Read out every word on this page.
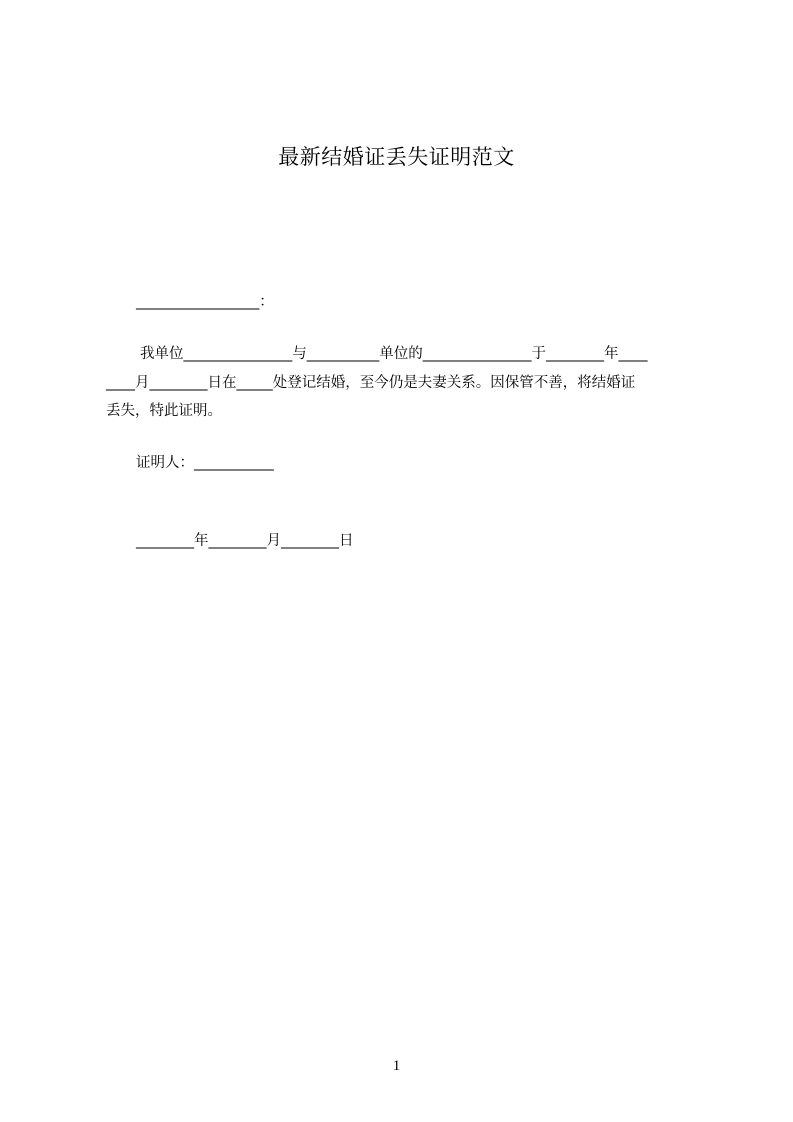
最新结婚证丢失证明范文
_________________：
我单位_______________与__________单位的_______________于________年____
____月________日在_____处登记结婚，至今仍是夫妻关系。因保管不善，将结婚证
丢失，特此证明。
证明人：___________
________年________月________日
1
